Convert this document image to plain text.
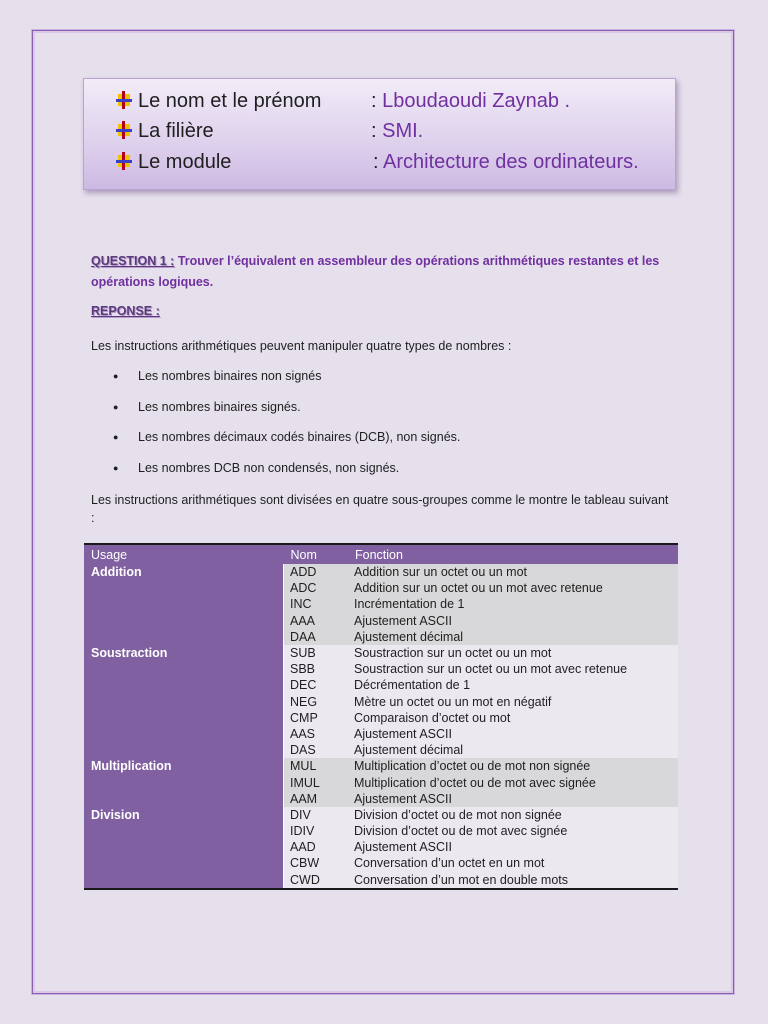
Le nom et le prénom : Lboudaoudi Zaynab .
La filière	: SMI.
Le module	: Architecture des ordinateurs.
QUESTION 1 : Trouver l’équivalent en assembleur des opérations arithmétiques restantes et les opérations logiques.
REPONSE :
Les instructions arithmétiques peuvent manipuler quatre types de nombres :
● Les nombres binaires non signés
● Les nombres binaires signés.
● Les nombres décimaux codés binaires (DCB), non signés.
● Les nombres DCB non condensés, non signés.
Les instructions arithmétiques sont divisées en quatre sous-groupes comme le montre le tableau suivant :
Usage	Nom	Fonction
Addition	ADD	Addition sur un octet ou un mot
	ADC	Addition sur un octet ou un mot avec retenue
	INC	Incrémentation de 1
	AAA	Ajustement ASCII
	DAA	Ajustement décimal
Soustraction	SUB	Soustraction sur un octet ou un mot
	SBB	Soustraction sur un octet ou un mot avec retenue
	DEC	Décrémentation de 1
	NEG	Mètre un octet ou un mot en négatif
	CMP	Comparaison d’octet ou mot
	AAS	Ajustement ASCII
	DAS	Ajustement décimal
Multiplication	MUL	Multiplication d’octet ou de mot non signée
	IMUL	Multiplication d’octet ou de mot avec signée
	AAM	Ajustement ASCII
Division	DIV	Division d’octet ou de mot non signée
	IDIV	Division d’octet ou de mot avec signée
	AAD	Ajustement ASCII
	CBW	Conversation d’un octet en un mot
	CWD	Conversation d’un mot en double mots
